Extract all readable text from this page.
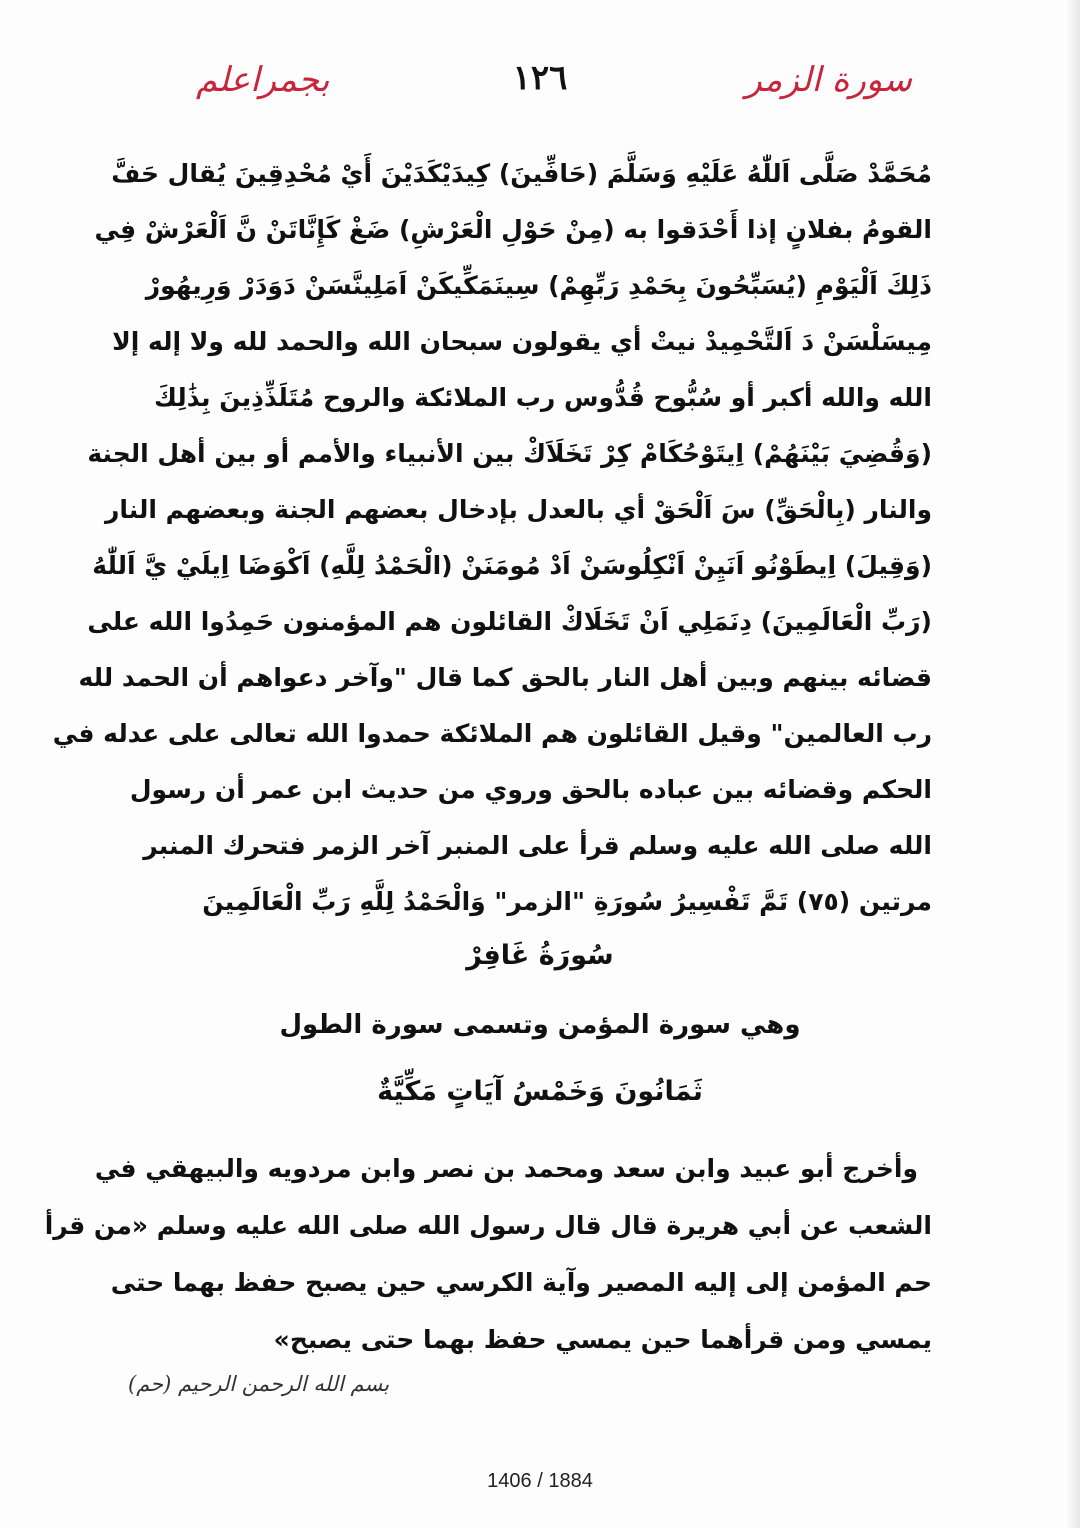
سورة الزمر
١٢٦
بجمراعلم
مُحَمَّدْ صَلَّى اَللّٰهُ عَلَيْهِ وَسَلَّمَ (حَافِّينَ) كِيدَيْكَدَيْنَ أَيْ مُحْدِقِينَ يُقال حَفَّ
القومُ بفلانٍ إذا أَحْدَقوا به (مِنْ حَوْلِ الْعَرْشِ) ضَغْ كَإِنَّاتَنْ نَّ اَلْعَرْشْ فِي
ذَلِكَ اَلْيَوْمِ (يُسَبِّحُونَ بِحَمْدِ رَبِّهِمْ) سِينَمَكِّيكَنْ اَمَلِينَّسَنْ دَوَدَرْ وَرِيهُورْ
مِيسَلْسَنْ دَ اَلتَّحْمِيدْ نيتْ أي يقولون سبحان الله والحمد لله ولا إله إلا
الله والله أكبر أو سُبُّوح قُدُّوس رب الملائكة والروح مُتَلَذِّذِينَ بِذَٰلِكَ
(وَقُضِيَ بَيْنَهُمْ) اِيتَوْحُكَامْ كِرْ تَخَلَاَكْ بين الأنبياء والأمم أو بين أهل الجنة
والنار (بِالْحَقِّ) سَ اَلْحَقْ أي بالعدل بإدخال بعضهم الجنة وبعضهم النار
(وَقِيلَ) اِيطَوْنُو اَنَيِنْ اَنْكِلُوسَنْ اَدْ مُومَنَنْ (الْحَمْدُ لِلَّهِ) اَكْوَضَا اِيلَيْ يَّ اَللّٰهُ
(رَبِّ الْعَالَمِينَ) دِنَمَلِي اَنْ تَخَلَاكْ القائلون هم المؤمنون حَمِدُوا الله على
قضائه بينهم وبين أهل النار بالحق كما قال "وآخر دعواهم أن الحمد لله
رب العالمين" وقيل القائلون هم الملائكة حمدوا الله تعالى على عدله في
الحكم وقضائه بين عباده بالحق وروي من حديث ابن عمر أن رسول
الله صلى الله عليه وسلم قرأ على المنبر آخر الزمر فتحرك المنبر
مرتين (٧٥) تَمَّ تَفْسِيرُ سُورَةِ "الزمر" وَالْحَمْدُ لِلَّهِ رَبِّ الْعَالَمِينَ
سُورَةُ غَافِرْ
وهي سورة المؤمن وتسمى سورة الطول
ثَمَانُونَ وَخَمْسُ آيَاتٍ مَكِّيَّةٌ
وأخرج أبو عبيد وابن سعد ومحمد بن نصر وابن مردويه والبيهقي في
الشعب عن أبي هريرة قال قال رسول الله صلى الله عليه وسلم «من قرأ
حم المؤمن إلى إليه المصير وآية الكرسي حين يصبح حفظ بهما حتى
يمسي ومن قرأهما حين يمسي حفظ بهما حتى يصبح»
بسم الله الرحمن الرحيم (حم)
1406 / 1884
